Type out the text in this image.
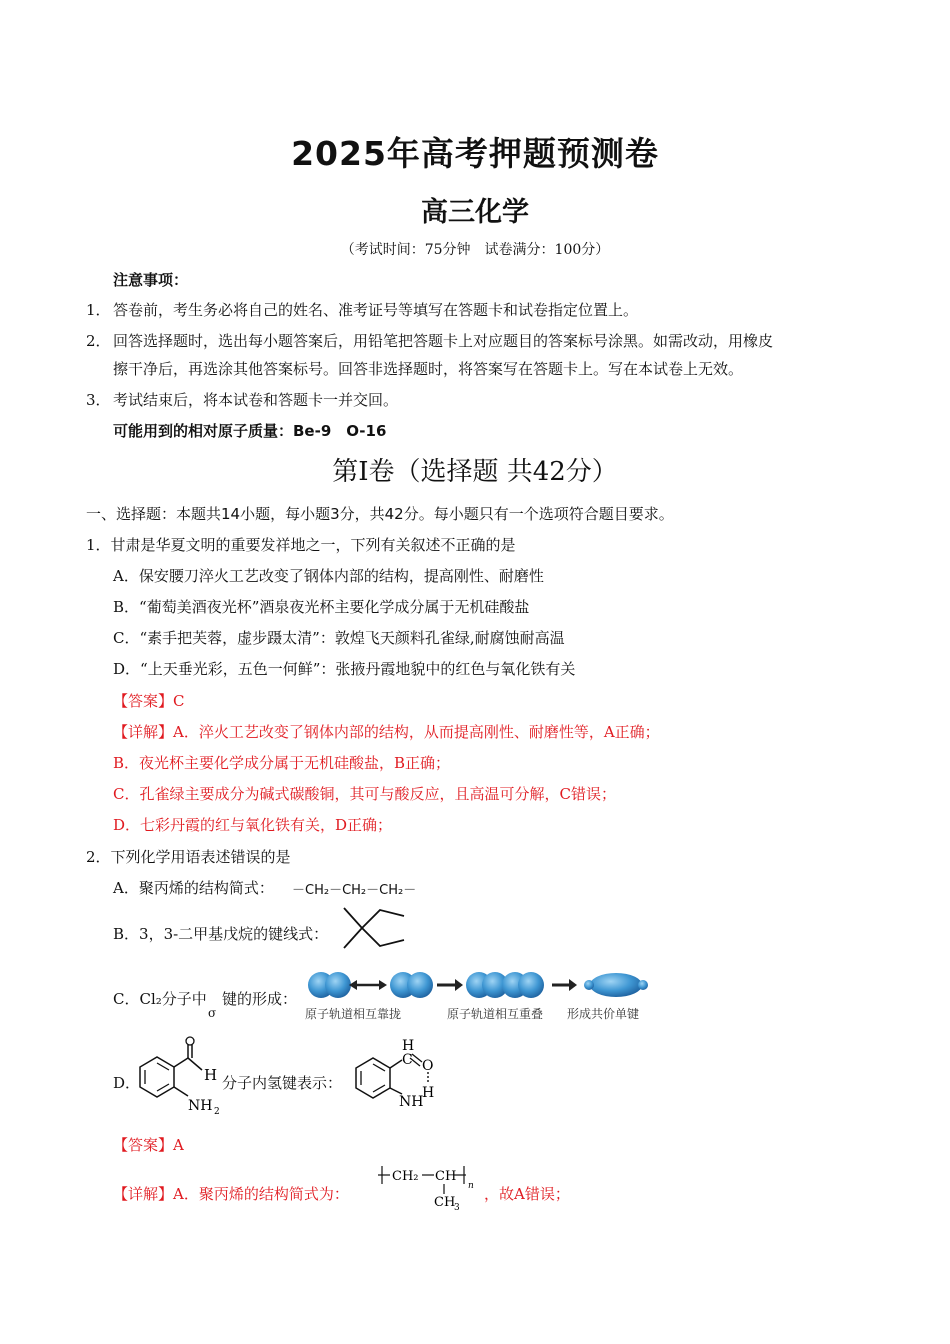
2025年高考押题预测卷
高三化学
（考试时间：75分钟　试卷满分：100分）
注意事项：
1． 答卷前，考生务必将自己的姓名、准考证号等填写在答题卡和试卷指定位置上。
2． 回答选择题时，选出每小题答案后，用铅笔把答题卡上对应题目的答案标号涂黑。如需改动，用橡皮
擦干净后，再选涂其他答案标号。回答非选择题时，将答案写在答题卡上。写在本试卷上无效。
3． 考试结束后，将本试卷和答题卡一并交回。
可能用到的相对原子质量：Be-9　O-16
第Ⅰ卷（选择题 共42分）
一、选择题：本题共14小题，每小题3分，共42分。每小题只有一个选项符合题目要求。
1．甘肃是华夏文明的重要发祥地之一，下列有关叙述不正确的是
A．保安腰刀淬火工艺改变了钢体内部的结构，提高刚性、耐磨性
B．“葡萄美酒夜光杯”酒泉夜光杯主要化学成分属于无机硅酸盐
C．“素手把芙蓉，虚步蹑太清”：敦煌飞天颜料孔雀绿,耐腐蚀耐高温
D．“上天垂光彩，五色一何鲜”：张掖丹霞地貌中的红色与氧化铁有关
【答案】C
【详解】A．淬火工艺改变了钢体内部的结构，从而提高刚性、耐磨性等，A正确；
B．夜光杯主要化学成分属于无机硅酸盐，B正确；
C．孔雀绿主要成分为碱式碳酸铜，其可与酸反应，且高温可分解，C错误；
D．七彩丹霞的红与氧化铁有关，D正确；
2．下列化学用语表述错误的是
A．聚丙烯的结构简式： －CH₂－CH₂－CH₂－
B．3，3-二甲基戊烷的键线式：
C．Cl₂分子中
σ
键的形成：
原子轨道相互靠拢	原子轨道相互重叠 形成共价单键
D．	H
NH 2
分子内氢键表示：
H
C O
H
NH
【答案】A
【详解】A．聚丙烯的结构简式为：
CH₂ CH
n
CH
3
，故A错误；
